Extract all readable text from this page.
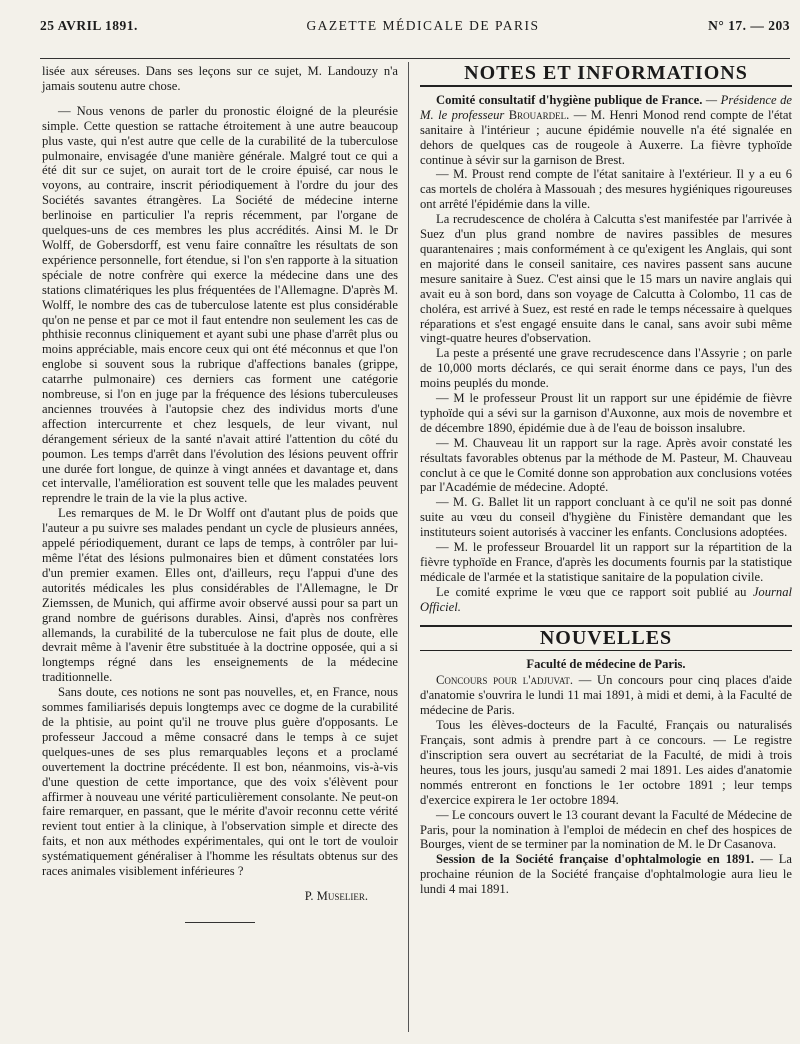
25 AVRIL 1891.	GAZETTE MÉDICALE DE PARIS	N° 17. — 203

lisée aux séreuses. Dans ses leçons sur ce sujet, M. Landouzy n'a jamais soutenu autre chose.

— Nous venons de parler du pronostic éloigné de la pleurésie simple. Cette question se rattache étroitement à une autre beaucoup plus vaste, qui n'est autre que celle de la curabilité de la tuberculose pulmonaire, envisagée d'une manière générale. Malgré tout ce qui a été dit sur ce sujet, on aurait tort de le croire épuisé, car nous le voyons, au contraire, inscrit périodiquement à l'ordre du jour des Sociétés savantes étrangères. La Société de médecine interne berlinoise en particulier l'a repris récemment, par l'organe de quelques-uns de ces membres les plus accrédités. Ainsi M. le Dr Wolff, de Gobersdorff, est venu faire connaître les résultats de son expérience personnelle, fort étendue, si l'on s'en rapporte à la situation spéciale de notre confrère qui exerce la médecine dans une des stations climatériques les plus fréquentées de l'Allemagne. D'après M. Wolff, le nombre des cas de tuberculose latente est plus considérable qu'on ne pense et par ce mot il faut entendre non seulement les cas de phthisie reconnus cliniquement et ayant subi une phase d'arrêt plus ou moins appréciable, mais encore ceux qui ont été méconnus et que l'on englobe si souvent sous la rubrique d'affections banales (grippe, catarrhe pulmonaire) ces derniers cas forment une catégorie nombreuse, si l'on en juge par la fréquence des lésions tuberculeuses anciennes trouvées à l'autopsie chez des individus morts d'une affection intercurrente et chez lesquels, de leur vivant, nul dérangement sérieux de la santé n'avait attiré l'attention du côté du poumon. Les temps d'arrêt dans l'évolution des lésions peuvent offrir une durée fort longue, de quinze à vingt années et davantage et, dans cet intervalle, l'amélioration est souvent telle que les malades peuvent reprendre le train de la vie la plus active.

Les remarques de M. le Dr Wolff ont d'autant plus de poids que l'auteur a pu suivre ses malades pendant un cycle de plusieurs années, appelé périodiquement, durant ce laps de temps, à contrôler par lui-même l'état des lésions pulmonaires bien et dûment constatées lors d'un premier examen. Elles ont, d'ailleurs, reçu l'appui d'une des autorités médicales les plus considérables de l'Allemagne, le Dr Ziemssen, de Munich, qui affirme avoir observé aussi pour sa part un grand nombre de guérisons durables. Ainsi, d'après nos confrères allemands, la curabilité de la tuberculose ne fait plus de doute, elle devrait même à l'avenir être substituée à la doctrine opposée, qui a si longtemps régné dans les enseignements de la médecine traditionnelle.

Sans doute, ces notions ne sont pas nouvelles, et, en France, nous sommes familiarisés depuis longtemps avec ce dogme de la curabilité de la phtisie, au point qu'il ne trouve plus guère d'opposants. Le professeur Jaccoud a même consacré dans le temps à ce sujet quelques-unes de ses plus remarquables leçons et a proclamé ouvertement la doctrine précédente. Il est bon, néanmoins, vis-à-vis d'une question de cette importance, que des voix s'élèvent pour affirmer à nouveau une vérité particulièrement consolante. Ne peut-on faire remarquer, en passant, que le mérite d'avoir reconnu cette vérité revient tout entier à la clinique, à l'observation simple et directe des faits, et non aux méthodes expérimentales, qui ont le tort de vouloir systématiquement généraliser à l'homme les résultats obtenus sur des races animales visiblement inférieures ?

P. Muselier.
NOTES ET INFORMATIONS

Comité consultatif d'hygiène publique de France. — Présidence de M. le professeur Brouardel. — M. Henri Monod rend compte de l'état sanitaire à l'intérieur ; aucune épidémie nouvelle n'a été signalée en dehors de quelques cas de rougeole à Auxerre. La fièvre typhoïde continue à sévir sur la garnison de Brest.

— M. Proust rend compte de l'état sanitaire à l'extérieur. Il y a eu 6 cas mortels de choléra à Massouah ; des mesures hygiéniques rigoureuses ont arrêté l'épidémie dans la ville.

La recrudescence de choléra à Calcutta s'est manifestée par l'arrivée à Suez d'un plus grand nombre de navires passibles de mesures quarantenaires ; mais conformément à ce qu'exigent les Anglais, qui sont en majorité dans le conseil sanitaire, ces navires passent sans aucune mesure sanitaire à Suez. C'est ainsi que le 15 mars un navire anglais qui avait eu à son bord, dans son voyage de Calcutta à Colombo, 11 cas de choléra, est arrivé à Suez, est resté en rade le temps nécessaire à quelques réparations et s'est engagé ensuite dans le canal, sans avoir subi même vingt-quatre heures d'observation.

La peste a présenté une grave recrudescence dans l'Assyrie ; on parle de 10,000 morts déclarés, ce qui serait énorme dans ce pays, l'un des moins peuplés du monde.

— M le professeur Proust lit un rapport sur une épidémie de fièvre typhoïde qui a sévi sur la garnison d'Auxonne, aux mois de novembre et de décembre 1890, épidémie due à de l'eau de boisson insalubre.

— M. Chauveau lit un rapport sur la rage. Après avoir constaté les résultats favorables obtenus par la méthode de M. Pasteur, M. Chauveau conclut à ce que le Comité donne son approbation aux conclusions votées par l'Académie de médecine. Adopté.

— M. G. Ballet lit un rapport concluant à ce qu'il ne soit pas donné suite au vœu du conseil d'hygiène du Finistère demandant que les instituteurs soient autorisés à vacciner les enfants. Conclusions adoptées.

— M. le professeur Brouardel lit un rapport sur la répartition de la fièvre typhoïde en France, d'après les documents fournis par la statistique médicale de l'armée et la statistique sanitaire de la population civile.

Le comité exprime le vœu que ce rapport soit publié au Journal Officiel.

NOUVELLES
Faculté de médecine de Paris.

Concours pour l'adjuvat. — Un concours pour cinq places d'aide d'anatomie s'ouvrira le lundi 11 mai 1891, à midi et demi, à la Faculté de médecine de Paris.

Tous les élèves-docteurs de la Faculté, Français ou naturalisés Français, sont admis à prendre part à ce concours. — Le registre d'inscription sera ouvert au secrétariat de la Faculté, de midi à trois heures, tous les jours, jusqu'au samedi 2 mai 1891. Les aides d'anatomie nommés entreront en fonctions le 1er octobre 1891 ; leur temps d'exercice expirera le 1er octobre 1894.

— Le concours ouvert le 13 courant devant la Faculté de Médecine de Paris, pour la nomination à l'emploi de médecin en chef des hospices de Bourges, vient de se terminer par la nomination de M. le Dr Casanova.

Session de la Société française d'ophtalmologie en 1891. — La prochaine réunion de la Société française d'ophtalmologie aura lieu le lundi 4 mai 1891.
